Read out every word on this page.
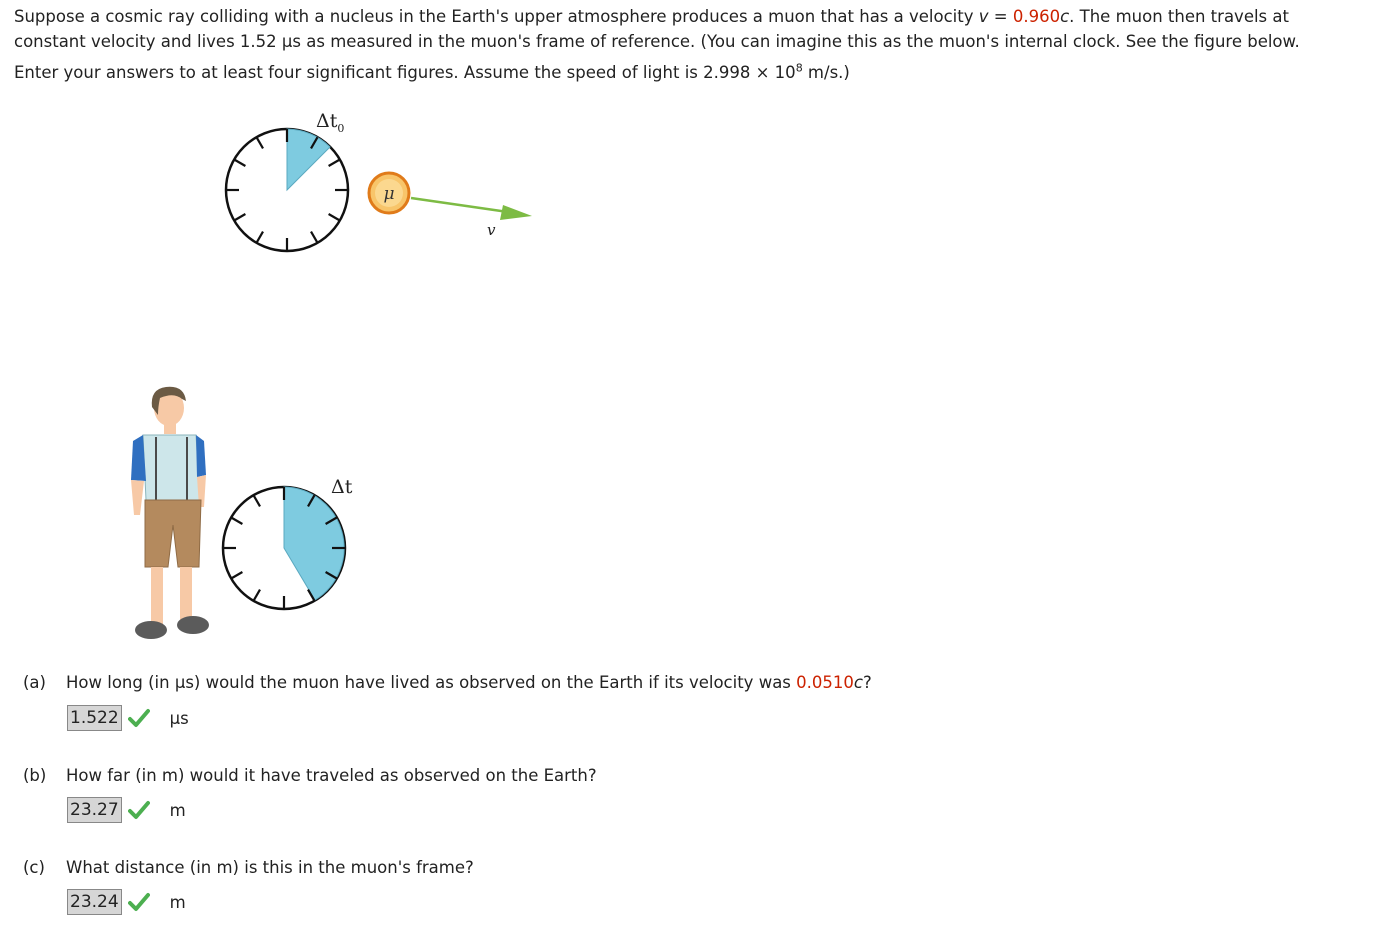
Suppose a cosmic ray colliding with a nucleus in the Earth's upper atmosphere produces a muon that has a velocity v = 0.960c. The muon then travels at

constant velocity and lives 1.52 μs as measured in the muon's frame of reference. (You can imagine this as the muon's internal clock. See the figure below.

Enter your answers to at least four significant figures. Assume the speed of light is $2.998 \times 10^8$ m/s.)

$\Delta t_0$
μ
v
Δt
(a) How long (in μs) would the muon have lived as observed on the Earth if its velocity was 0.0510c?
1.522	μs
(b) How far (in m) would it have traveled as observed on the Earth?
23.27	m
(c) What distance (in m) is this in the muon's frame?
23.24	m
